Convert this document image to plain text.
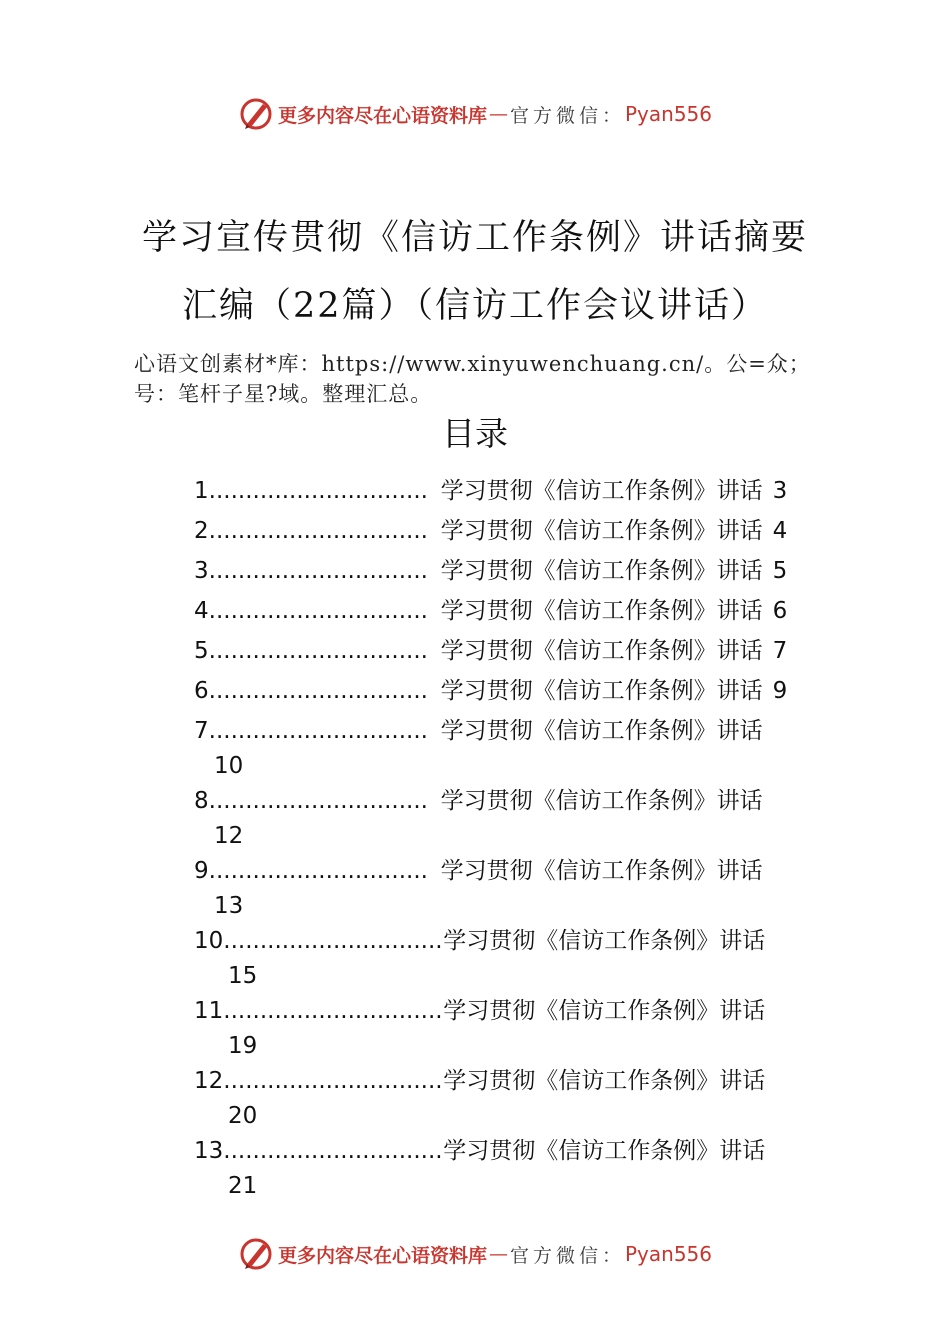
更多内容尽在心语资料库 — 官方微信： Pyan556
学习宣传贯彻《信访工作条例》讲话摘要
汇编（22篇）（信访工作会议讲话）
心语文创素材*库：https://www.xinyuwenchuang.cn/。公=众；号：笔杆子星?域。整理汇总。
目录
1.............................. 学习贯彻《信访工作条例》讲话 3
2.............................. 学习贯彻《信访工作条例》讲话 4
3.............................. 学习贯彻《信访工作条例》讲话 5
4.............................. 学习贯彻《信访工作条例》讲话 6
5.............................. 学习贯彻《信访工作条例》讲话 7
6.............................. 学习贯彻《信访工作条例》讲话 9
7.............................. 学习贯彻《信访工作条例》讲话
10
8.............................. 学习贯彻《信访工作条例》讲话
12
9.............................. 学习贯彻《信访工作条例》讲话
13
10..............................学习贯彻《信访工作条例》讲话
15
11..............................学习贯彻《信访工作条例》讲话
19
12..............................学习贯彻《信访工作条例》讲话
20
13..............................学习贯彻《信访工作条例》讲话
21
更多内容尽在心语资料库 — 官方微信： Pyan556
